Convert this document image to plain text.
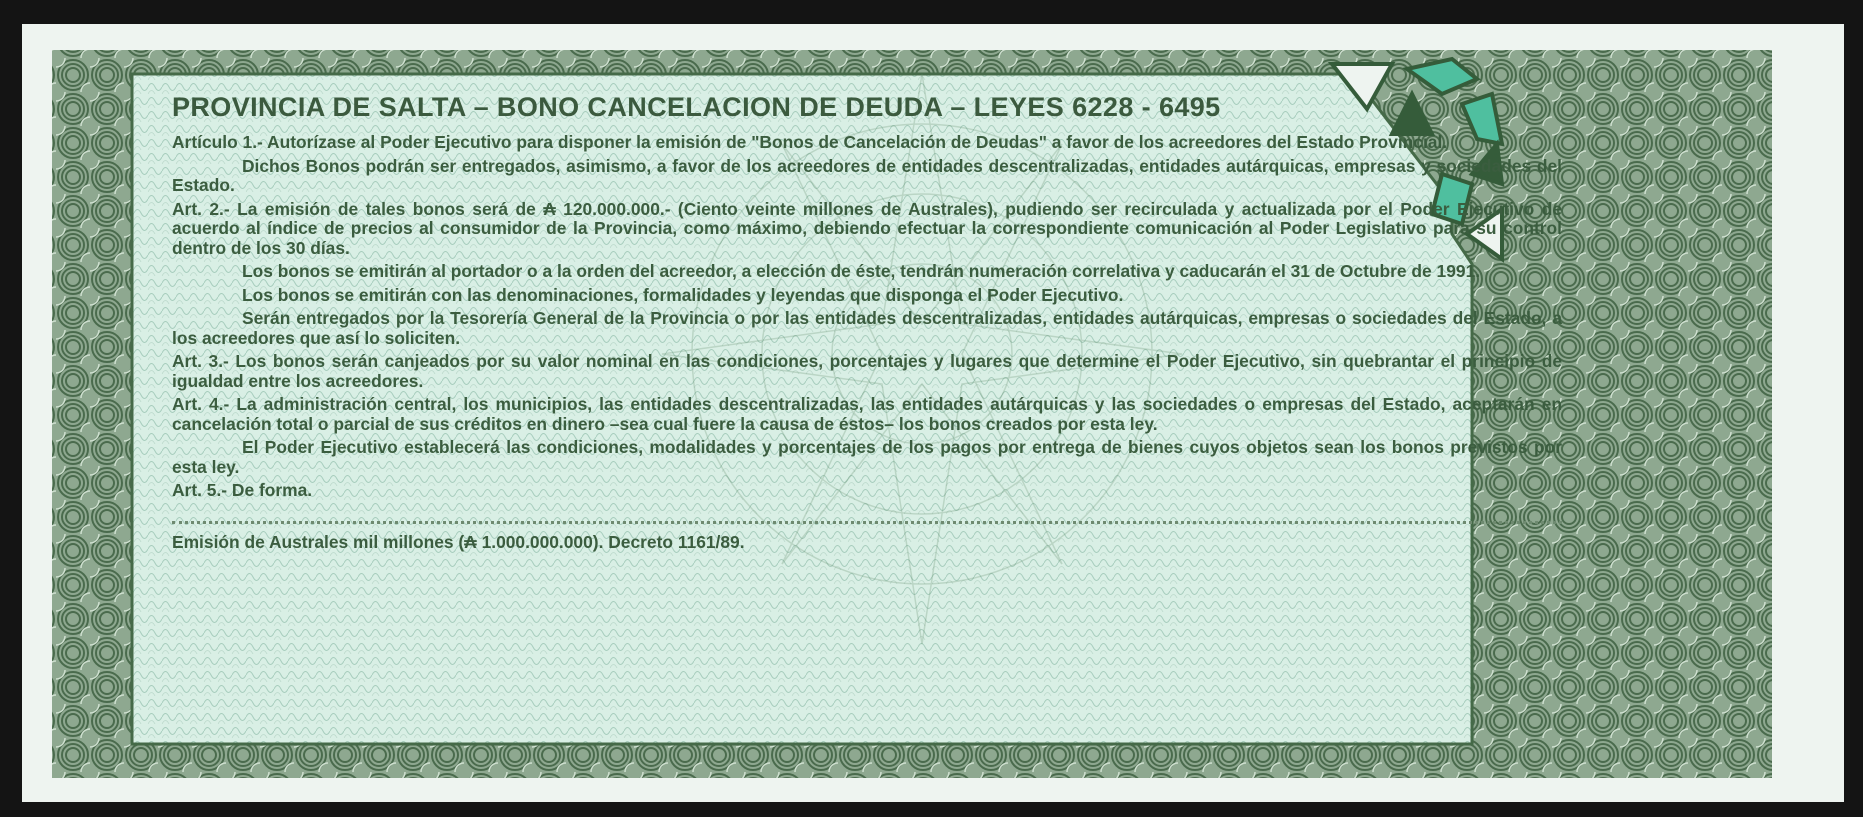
PROVINCIA DE SALTA – BONO CANCELACION DE DEUDA – LEYES 6228 - 6495

Artículo 1.- Autorízase al Poder Ejecutivo para disponer la emisión de "Bonos de Cancelación de Deudas" a favor de los acreedores del Estado Provincial.

Dichos Bonos podrán ser entregados, asimismo, a favor de los acreedores de entidades descentralizadas, entidades autárquicas, empresas y sociedades del Estado.

Art. 2.- La emisión de tales bonos será de ₳ 120.000.000.- (Ciento veinte millones de Australes), pudiendo ser recirculada y actualizada por el Poder Ejecutivo de acuerdo al índice de precios al consumidor de la Provincia, como máximo, debiendo efectuar la correspondiente comunicación al Poder Legislativo para su control dentro de los 30 días.

Los bonos se emitirán al portador o a la orden del acreedor, a elección de éste, tendrán numeración correlativa y caducarán el 31 de Octubre de 1991.

Los bonos se emitirán con las denominaciones, formalidades y leyendas que disponga el Poder Ejecutivo.

Serán entregados por la Tesorería General de la Provincia o por las entidades descentralizadas, entidades autárquicas, empresas o sociedades del Estado, a los acreedores que así lo soliciten.

Art. 3.- Los bonos serán canjeados por su valor nominal en las condiciones, porcentajes y lugares que determine el Poder Ejecutivo, sin quebrantar el principio de igualdad entre los acreedores.

Art. 4.- La administración central, los municipios, las entidades descentralizadas, las entidades autárquicas y las sociedades o empresas del Estado, aceptarán en cancelación total o parcial de sus créditos en dinero –sea cual fuere la causa de éstos– los bonos creados por esta ley.

El Poder Ejecutivo establecerá las condiciones, modalidades y porcentajes de los pagos por entrega de bienes cuyos objetos sean los bonos previstos por esta ley.

Art. 5.- De forma.

Emisión de Australes mil millones (₳ 1.000.000.000). Decreto 1161/89.
